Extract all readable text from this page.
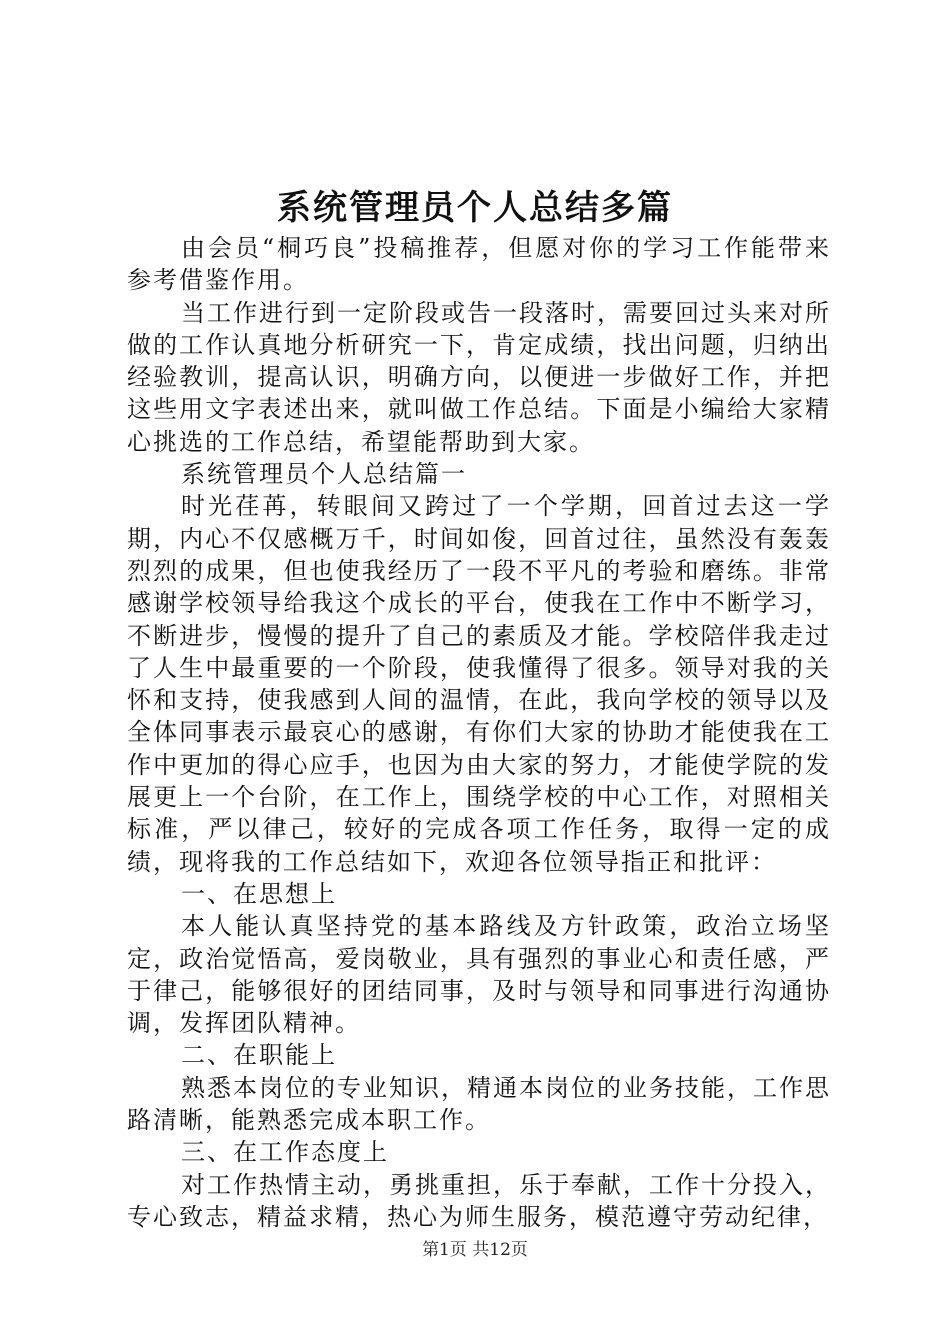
系统管理员个人总结多篇

由会员“桐巧良”投稿推荐，但愿对你的学习工作能带来参考借鉴作用。

当工作进行到一定阶段或告一段落时，需要回过头来对所做的工作认真地分析研究一下，肯定成绩，找出问题，归纳出经验教训，提高认识，明确方向，以便进一步做好工作，并把这些用文字表述出来，就叫做工作总结。下面是小编给大家精心挑选的工作总结，希望能帮助到大家。

系统管理员个人总结篇一

时光荏苒，转眼间又跨过了一个学期，回首过去这一学期，内心不仅感概万千，时间如俊，回首过往，虽然没有轰轰烈烈的成果，但也使我经历了一段不平凡的考验和磨练。非常感谢学校领导给我这个成长的平台，使我在工作中不断学习，不断进步，慢慢的提升了自己的素质及才能。学校陪伴我走过了人生中最重要的一个阶段，使我懂得了很多。领导对我的关怀和支持，使我感到人间的温情，在此，我向学校的领导以及全体同事表示最哀心的感谢，有你们大家的协助才能使我在工作中更加的得心应手，也因为由大家的努力，才能使学院的发展更上一个台阶，在工作上，围绕学校的中心工作，对照相关标准，严以律己，较好的完成各项工作任务，取得一定的成绩，现将我的工作总结如下，欢迎各位领导指正和批评：

一、在思想上

本人能认真坚持党的基本路线及方针政策，政治立场坚定，政治觉悟高，爱岗敬业，具有强烈的事业心和责任感，严于律己，能够很好的团结同事，及时与领导和同事进行沟通协调，发挥团队精神。

二、在职能上

熟悉本岗位的专业知识，精通本岗位的业务技能，工作思路清晰，能熟悉完成本职工作。

三、在工作态度上

对工作热情主动，勇挑重担，乐于奉献，工作十分投入，专心致志，精益求精，热心为师生服务，模范遵守劳动纪律，

第1页 共12页
